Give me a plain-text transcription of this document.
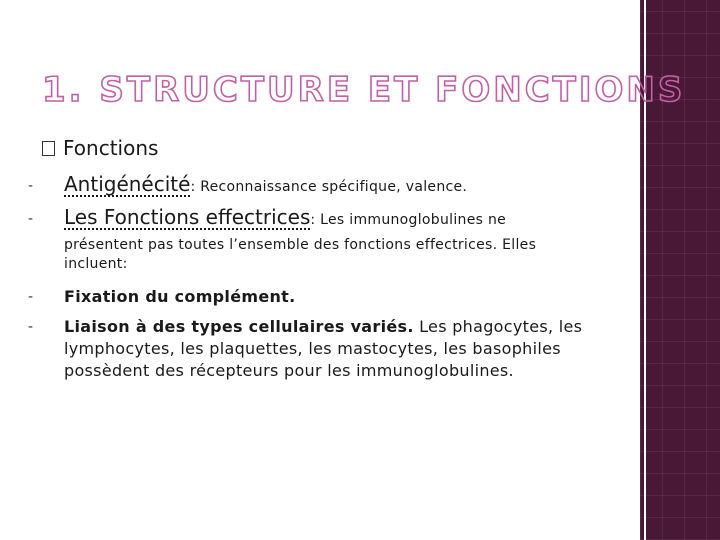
1. STRUCTURE ET FONCTIONS
Fonctions
- Antigénécité: Reconnaissance spécifique, valence.
- Les Fonctions effectrices: Les immunoglobulines ne
présentent pas toutes l’ensemble des fonctions effectrices. Elles incluent:
- Fixation du complément.
- Liaison à des types cellulaires variés. Les phagocytes, les lymphocytes, les plaquettes, les mastocytes, les basophiles possèdent des récepteurs pour les immunoglobulines.
